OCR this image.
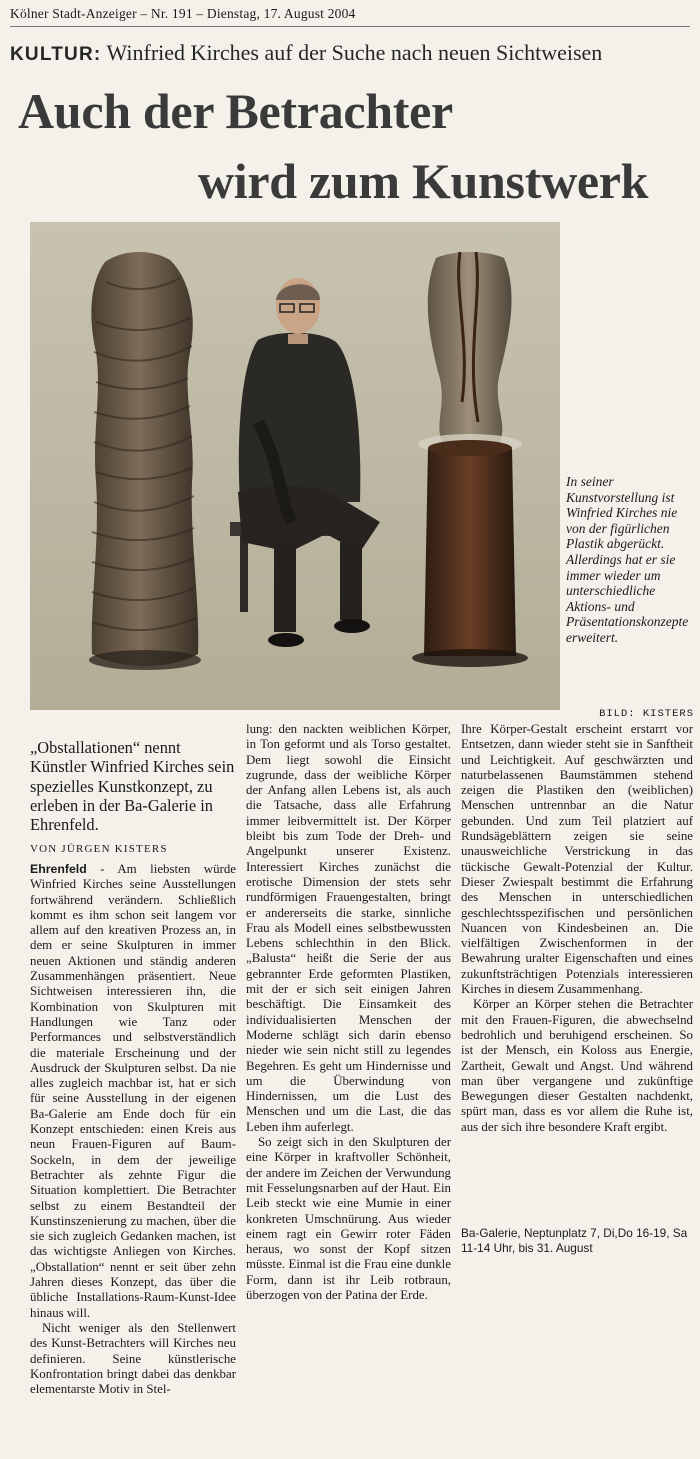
Kölner Stadt-Anzeiger – Nr. 191 – Dienstag, 17. August 2004
KULTUR: Winfried Kirches auf der Suche nach neuen Sichtweisen
Auch der Betrachter
wird zum Kunstwerk
In seiner Kunstvorstellung ist Winfried Kirches nie von der figürlichen Plastik abgerückt. Allerdings hat er sie immer wieder um unterschiedliche Aktions- und Präsentationskonzepte erweitert.
BILD: KISTERS
„Obstallationen“ nennt Künstler Winfried Kirches sein spezielles Kunstkonzept, zu erleben in der Ba-Galerie in Ehrenfeld.
VON JÜRGEN KISTERS

Ehrenfeld - Am liebsten würde Winfried Kirches seine Ausstellungen fortwährend verändern. Schließlich kommt es ihm schon seit langem vor allem auf den kreativen Prozess an, in dem er seine Skulpturen in immer neuen Aktionen und ständig anderen Zusammenhängen präsentiert. Neue Sichtweisen interessieren ihn, die Kombination von Skulpturen mit Handlungen wie Tanz oder Performances und selbstverständlich die materiale Erscheinung und der Ausdruck der Skulpturen selbst. Da nie alles zugleich machbar ist, hat er sich für seine Ausstellung in der eigenen Ba-Galerie am Ende doch für ein Konzept entschieden: einen Kreis aus neun Frauen-Figuren auf Baum-Sockeln, in dem der jeweilige Betrachter als zehnte Figur die Situation komplettiert. Die Betrachter selbst zu einem Bestandteil der Kunstinszenierung zu machen, über die sie sich zugleich Gedanken machen, ist das wichtigste Anliegen von Kirches. „Obstallation“ nennt er seit über zehn Jahren dieses Konzept, das über die übliche Installations-Raum-Kunst-Idee hinaus will.

Nicht weniger als den Stellenwert des Kunst-Betrachters will Kirches neu definieren. Seine künstlerische Konfrontation bringt dabei das denkbar elementarste Motiv in Stel-

lung: den nackten weiblichen Körper, in Ton geformt und als Torso gestaltet. Dem liegt sowohl die Einsicht zugrunde, dass der weibliche Körper der Anfang allen Lebens ist, als auch die Tatsache, dass alle Erfahrung immer leibvermittelt ist. Der Körper bleibt bis zum Tode der Dreh- und Angelpunkt unserer Existenz. Interessiert Kirches zunächst die erotische Dimension der stets sehr rundförmigen Frauengestalten, bringt er andererseits die starke, sinnliche Frau als Modell eines selbstbewussten Lebens schlechthin in den Blick. „Balusta“ heißt die Serie der aus gebrannter Erde geformten Plastiken, mit der er sich seit einigen Jahren beschäftigt. Die Einsamkeit des individualisierten Menschen der Moderne schlägt sich darin ebenso nieder wie sein nicht still zu legendes Begehren. Es geht um Hindernisse und um die Überwindung von Hindernissen, um die Lust des Menschen und um die Last, die das Leben ihm auferlegt.

So zeigt sich in den Skulpturen der eine Körper in kraftvoller Schönheit, der andere im Zeichen der Verwundung mit Fesselungsnarben auf der Haut. Ein Leib steckt wie eine Mumie in einer konkreten Umschnürung. Aus wieder einem ragt ein Gewirr roter Fäden heraus, wo sonst der Kopf sitzen müsste. Einmal ist die Frau eine dunkle Form, dann ist ihr Leib rotbraun, überzogen von der Patina der Erde.

Ihre Körper-Gestalt erscheint erstarrt vor Entsetzen, dann wieder steht sie in Sanftheit und Leichtigkeit. Auf geschwärzten und naturbelassenen Baumstämmen stehend zeigen die Plastiken den (weiblichen) Menschen untrennbar an die Natur gebunden. Und zum Teil platziert auf Rundsägeblättern zeigen sie seine unausweichliche Verstrickung in das tückische Gewalt-Potenzial der Kultur. Dieser Zwiespalt bestimmt die Erfahrung des Menschen in unterschiedlichen geschlechtsspezifischen und persönlichen Nuancen von Kindesbeinen an. Die vielfältigen Zwischenformen in der Bewahrung uralter Eigenschaften und eines zukunftsträchtigen Potenzials interessieren Kirches in diesem Zusammenhang.

Körper an Körper stehen die Betrachter mit den Frauen-Figuren, die abwechselnd bedrohlich und beruhigend erscheinen. So ist der Mensch, ein Koloss aus Energie, Zartheit, Gewalt und Angst. Und während man über vergangene und zukünftige Bewegungen dieser Gestalten nachdenkt, spürt man, dass es vor allem die Ruhe ist, aus der sich ihre besondere Kraft ergibt.

Ba-Galerie, Neptunplatz 7, Di,Do 16-19, Sa 11-14 Uhr, bis 31. August
